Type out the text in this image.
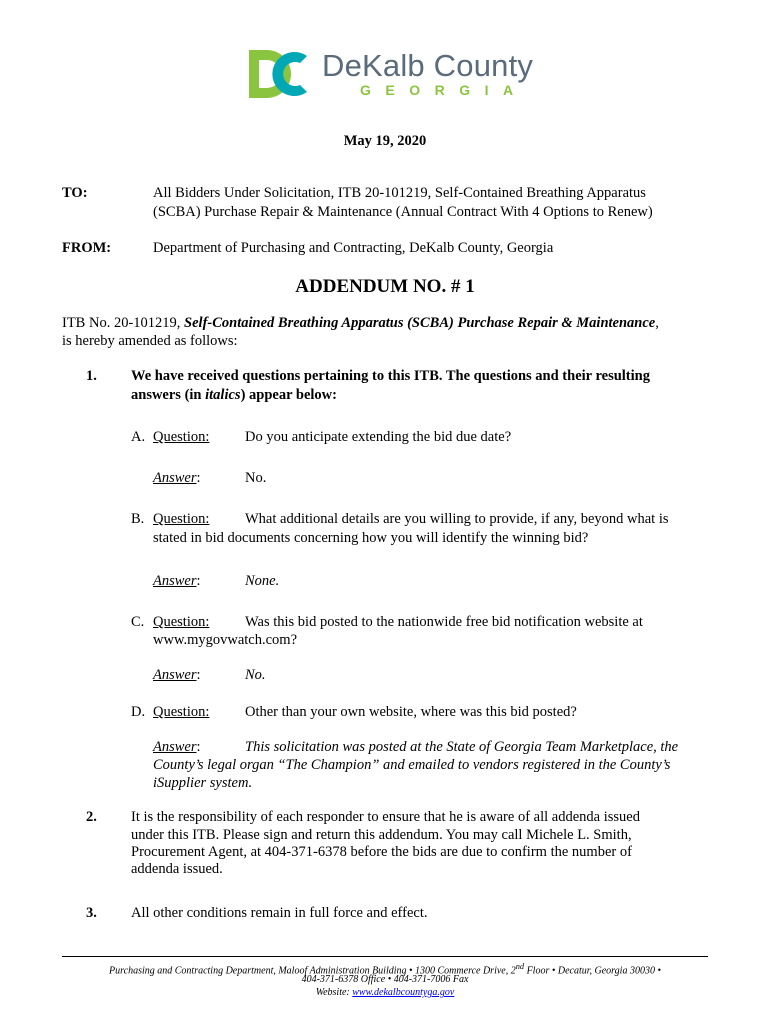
DeKalb County
GEORGIA
May 19, 2020
TO:	All Bidders Under Solicitation, ITB 20-101219, Self-Contained Breathing Apparatus
(SCBA) Purchase Repair & Maintenance (Annual Contract With 4 Options to Renew)
FROM:	Department of Purchasing and Contracting, DeKalb County, Georgia
ADDENDUM NO. # 1
ITB No. 20-101219, Self-Contained Breathing Apparatus (SCBA) Purchase Repair & Maintenance,
is hereby amended as follows:
1. We have received questions pertaining to this ITB. The questions and their resulting
answers (in italics) appear below:
A. Question: Do you anticipate extending the bid due date?
Answer:	No.
B. Question: What additional details are you willing to provide, if any, beyond what is
stated in bid documents concerning how you will identify the winning bid?
Answer:	None.
C. Question: Was this bid posted to the nationwide free bid notification website at
www.mygovwatch.com?
Answer:	No.
D. Question: Other than your own website, where was this bid posted?
Answer:	This solicitation was posted at the State of Georgia Team Marketplace, the
County’s legal organ “The Champion” and emailed to vendors registered in the County’s
iSupplier system.
2. It is the responsibility of each responder to ensure that he is aware of all addenda issued
under this ITB. Please sign and return this addendum. You may call Michele L. Smith,
Procurement Agent, at 404-371-6378 before the bids are due to confirm the number of
addenda issued.
3. All other conditions remain in full force and effect.
Purchasing and Contracting Department, Maloof Administration Building • 1300 Commerce Drive, 2nd Floor • Decatur, Georgia 30030 •
404-371-6378 Office • 404-371-7006 Fax
Website: www.dekalbcountyga.gov
